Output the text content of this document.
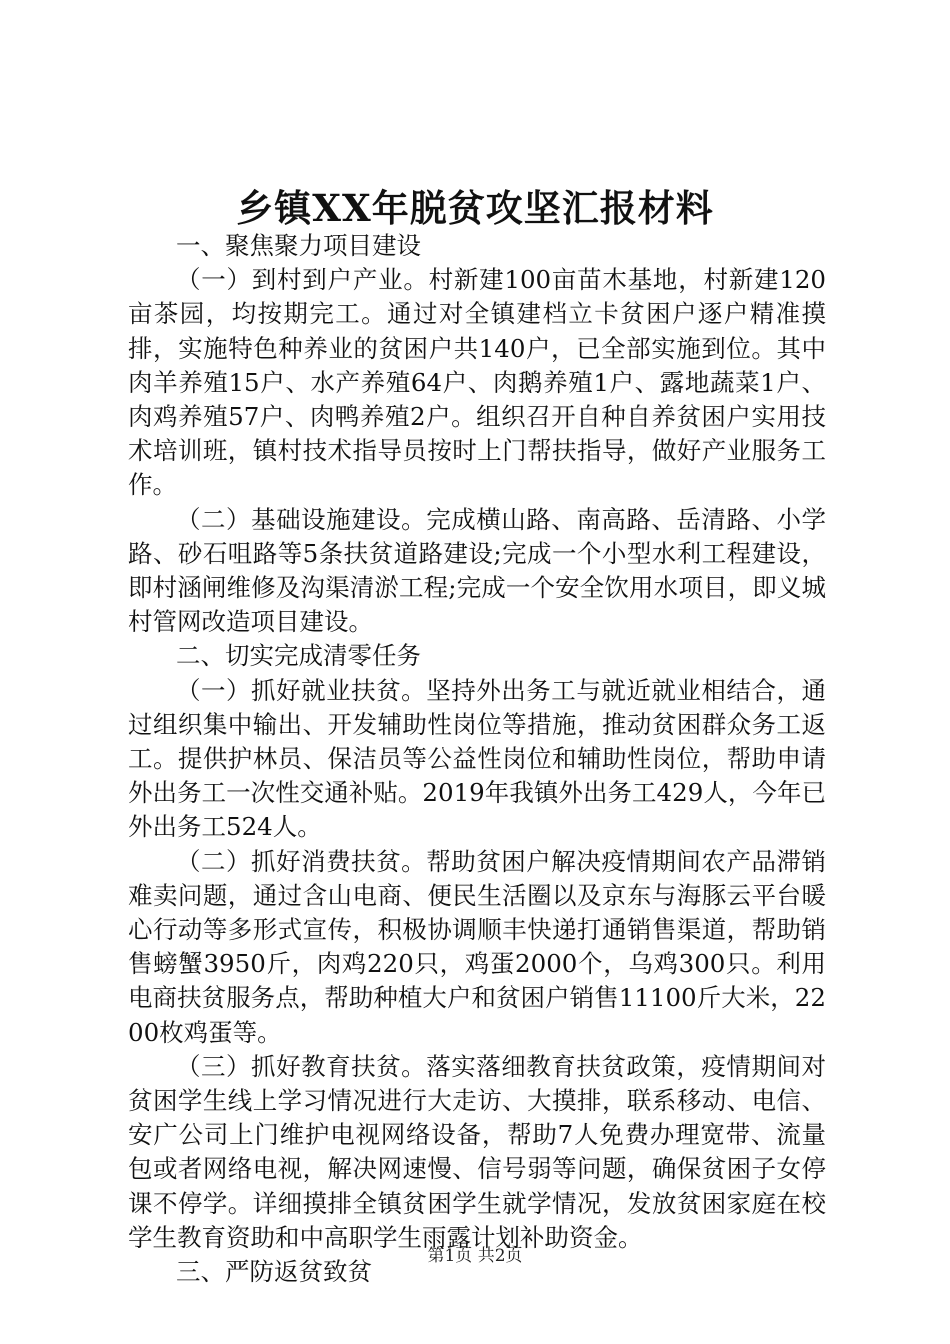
乡镇XX年脱贫攻坚汇报材料

一、聚焦聚力项目建设

（一）到村到户产业。村新建100亩苗木基地，村新建120亩茶园，均按期完工。通过对全镇建档立卡贫困户逐户精准摸排，实施特色种养业的贫困户共140户，已全部实施到位。其中肉羊养殖15户、水产养殖64户、肉鹅养殖1户、露地蔬菜1户、肉鸡养殖57户、肉鸭养殖2户。组织召开自种自养贫困户实用技术培训班，镇村技术指导员按时上门帮扶指导，做好产业服务工作。

（二）基础设施建设。完成横山路、南高路、岳清路、小学路、砂石咀路等5条扶贫道路建设;完成一个小型水利工程建设，即村涵闸维修及沟渠清淤工程;完成一个安全饮用水项目，即义城村管网改造项目建设。

二、切实完成清零任务

（一）抓好就业扶贫。坚持外出务工与就近就业相结合，通过组织集中输出、开发辅助性岗位等措施，推动贫困群众务工返工。提供护林员、保洁员等公益性岗位和辅助性岗位，帮助申请外出务工一次性交通补贴。2019年我镇外出务工429人，今年已外出务工524人。

（二）抓好消费扶贫。帮助贫困户解决疫情期间农产品滞销难卖问题，通过含山电商、便民生活圈以及京东与海豚云平台暖心行动等多形式宣传，积极协调顺丰快递打通销售渠道，帮助销售螃蟹3950斤，肉鸡220只，鸡蛋2000个，乌鸡300只。利用电商扶贫服务点，帮助种植大户和贫困户销售11100斤大米，2200枚鸡蛋等。

（三）抓好教育扶贫。落实落细教育扶贫政策，疫情期间对贫困学生线上学习情况进行大走访、大摸排，联系移动、电信、安广公司上门维护电视网络设备，帮助7人免费办理宽带、流量包或者网络电视，解决网速慢、信号弱等问题，确保贫困子女停课不停学。详细摸排全镇贫困学生就学情况，发放贫困家庭在校学生教育资助和中高职学生雨露计划补助资金。

三、严防返贫致贫

第1页 共2页
